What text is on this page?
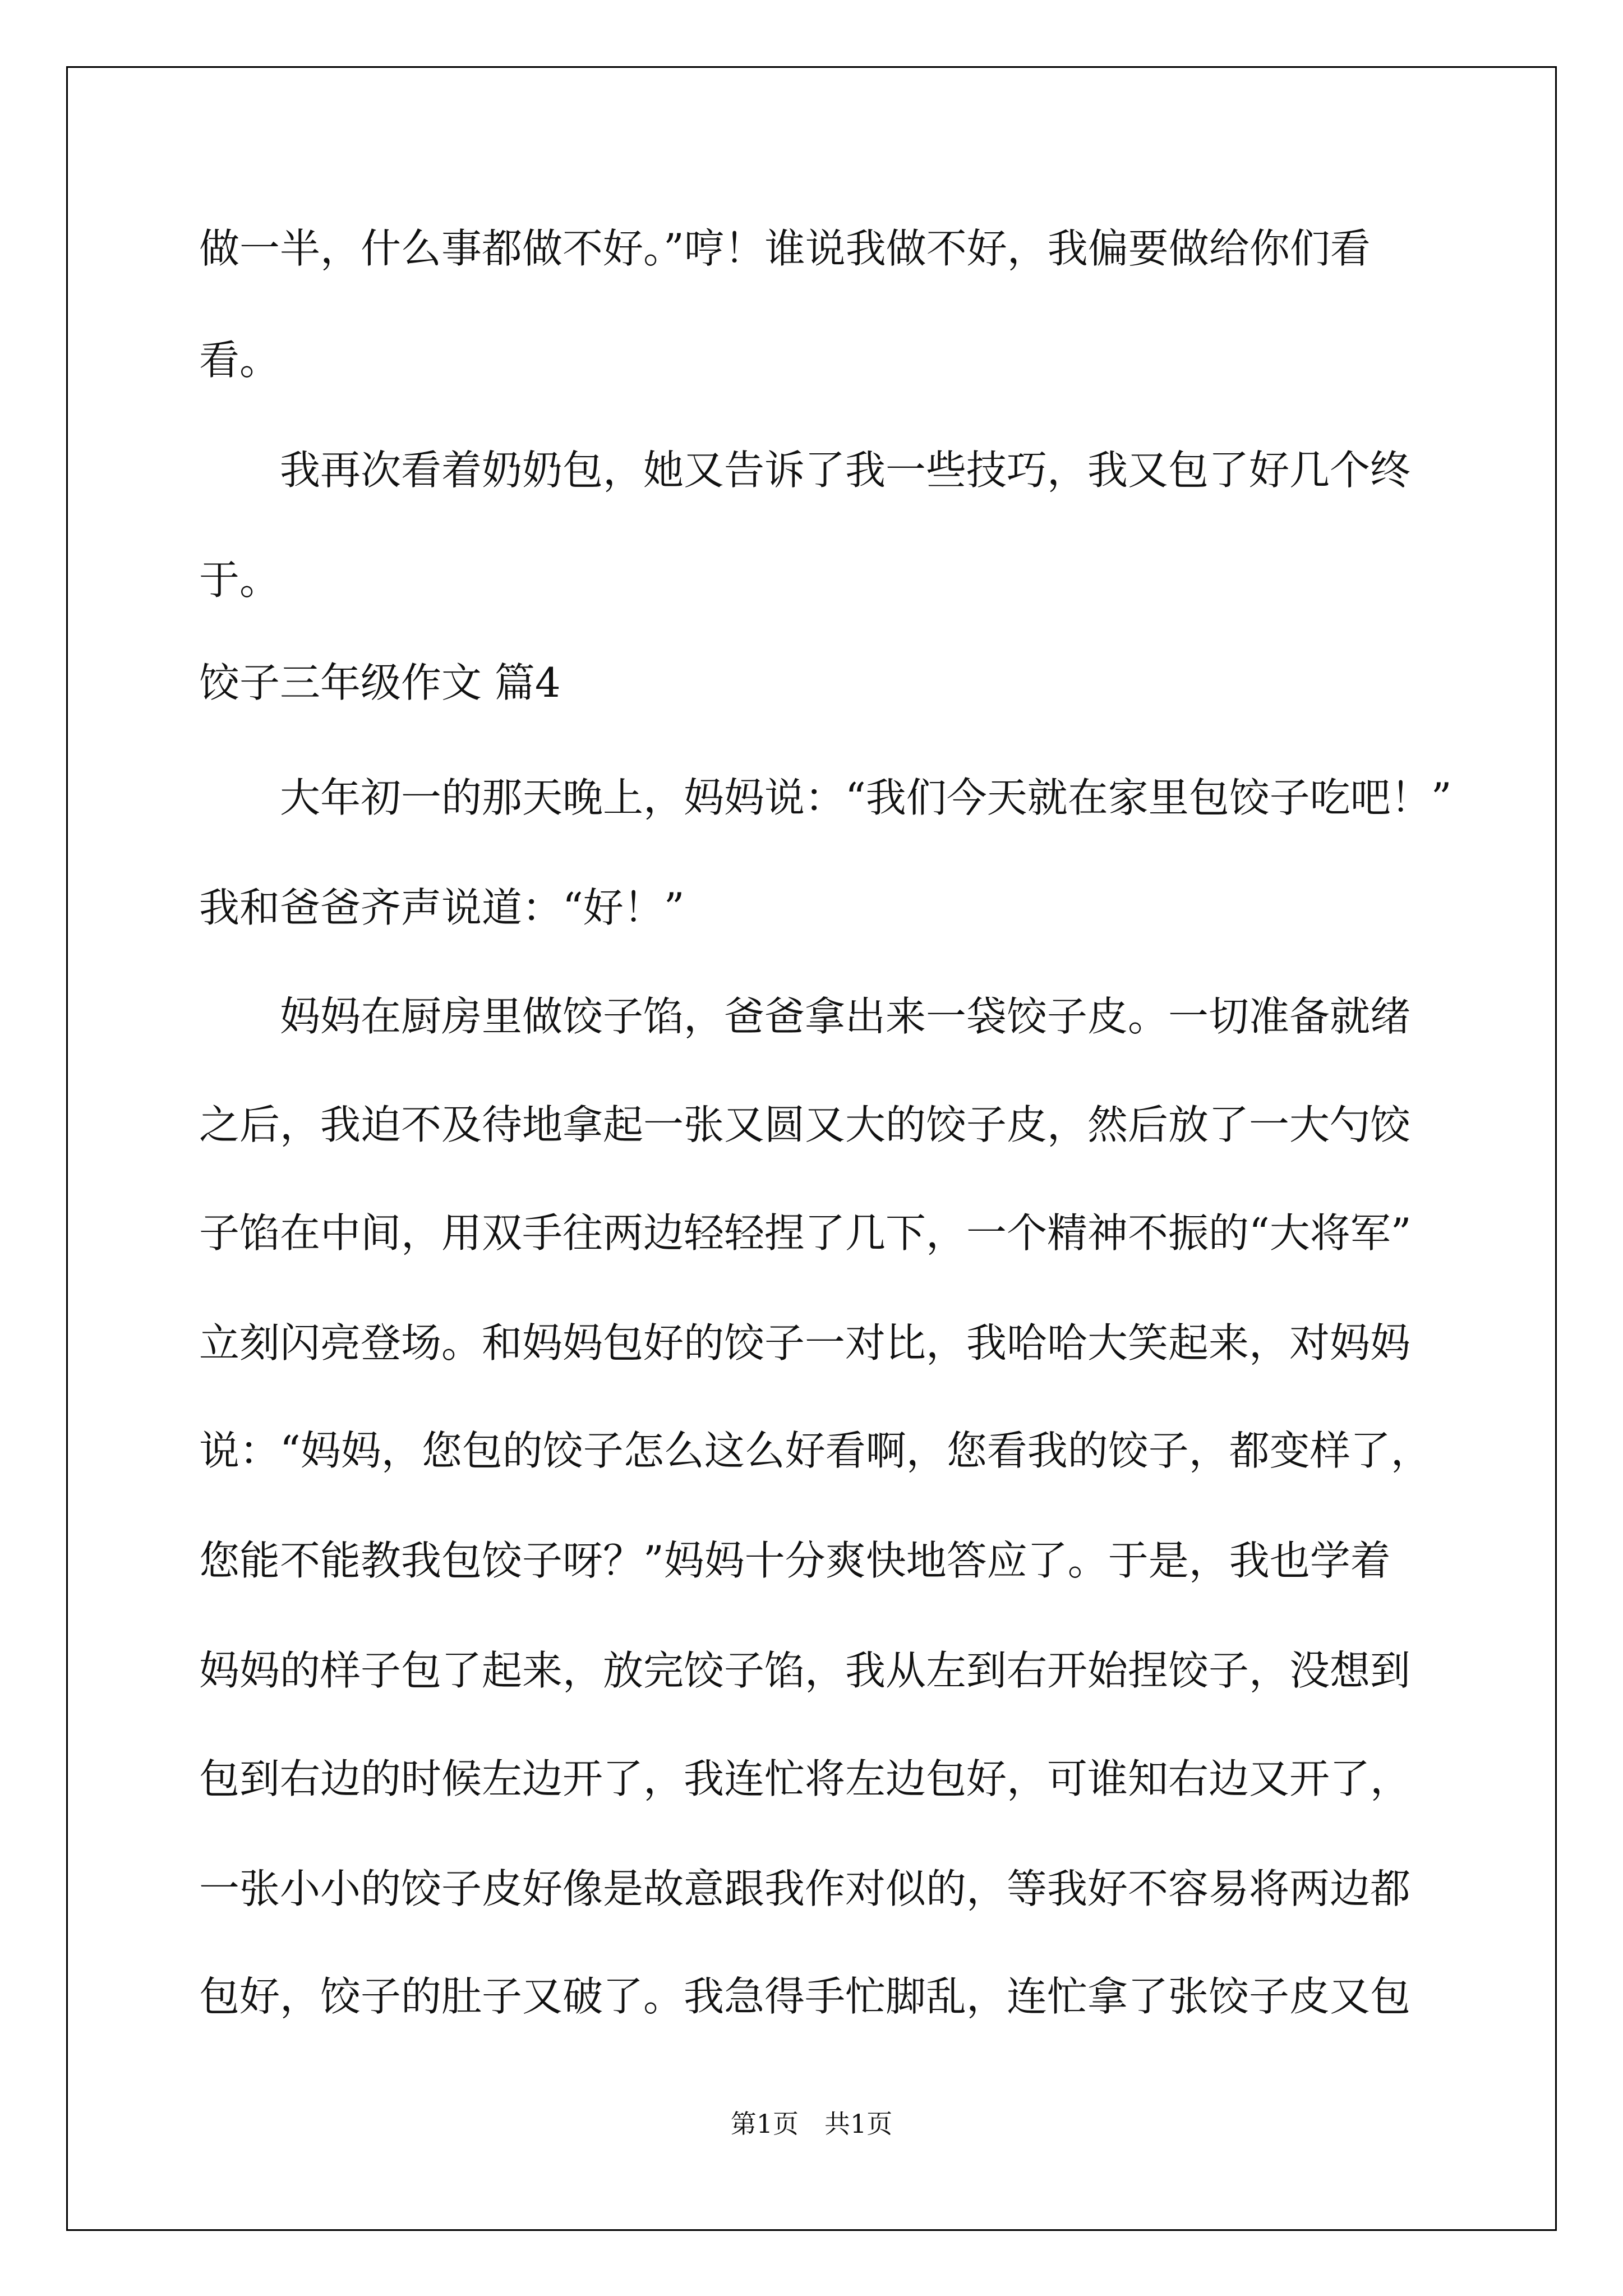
做一半，什么事都做不好。”哼！谁说我做不好，我偏要做给你们看
看。
　　我再次看着奶奶包，她又告诉了我一些技巧，我又包了好几个终
于。
饺子三年级作文 篇4
　　大年初一的那天晚上，妈妈说：“我们今天就在家里包饺子吃吧！”
我和爸爸齐声说道：“好！”
　　妈妈在厨房里做饺子馅，爸爸拿出来一袋饺子皮。一切准备就绪
之后，我迫不及待地拿起一张又圆又大的饺子皮，然后放了一大勺饺
子馅在中间，用双手往两边轻轻捏了几下，一个精神不振的“大将军”
立刻闪亮登场。和妈妈包好的饺子一对比，我哈哈大笑起来，对妈妈
说：“妈妈，您包的饺子怎么这么好看啊，您看我的饺子，都变样了，
您能不能教我包饺子呀？”妈妈十分爽快地答应了。于是，我也学着
妈妈的样子包了起来，放完饺子馅，我从左到右开始捏饺子，没想到
包到右边的时候左边开了，我连忙将左边包好，可谁知右边又开了，
一张小小的饺子皮好像是故意跟我作对似的，等我好不容易将两边都
包好，饺子的肚子又破了。我急得手忙脚乱，连忙拿了张饺子皮又包
第1页　共1页
